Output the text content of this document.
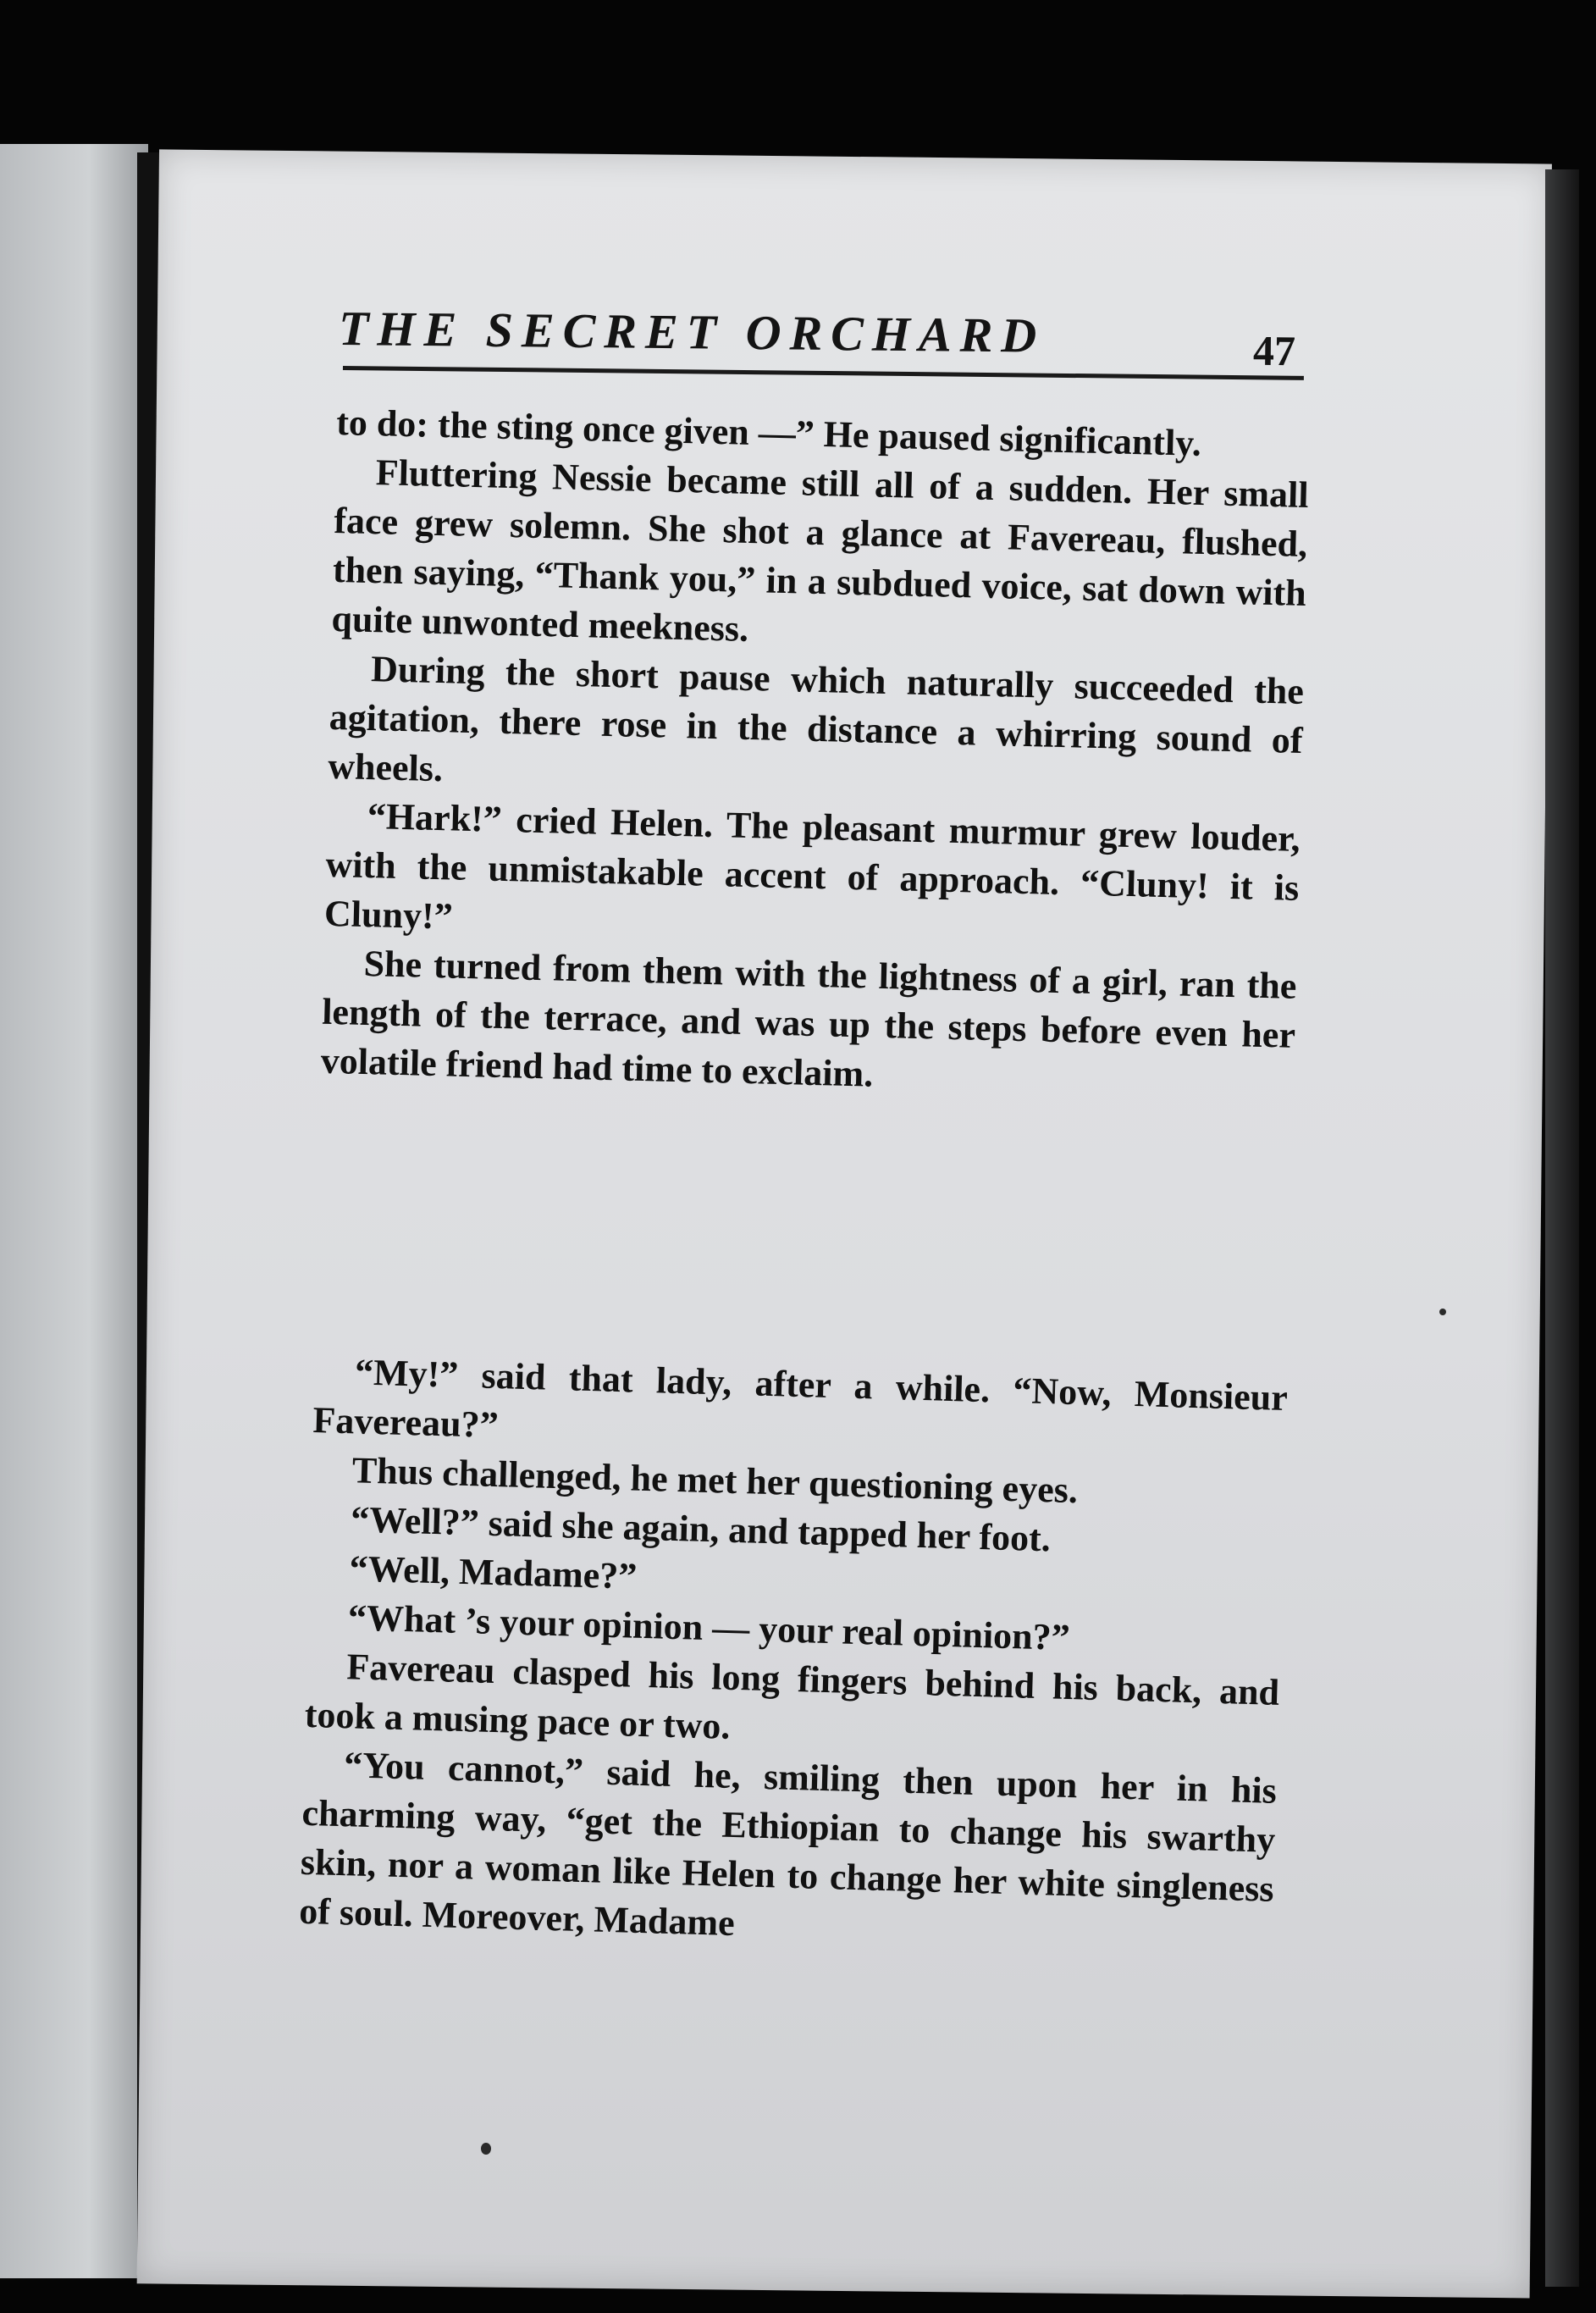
THE SECRET ORCHARD	47

to do: the sting once given —” He paused significantly.

Fluttering Nessie became still all of a sudden. Her small face grew solemn. She shot a glance at Favereau, flushed, then saying, “Thank you,” in a subdued voice, sat down with quite unwonted meekness.

During the short pause which naturally succeeded the agitation, there rose in the distance a whirring sound of wheels.

“Hark!” cried Helen. The pleasant murmur grew louder, with the unmistakable accent of approach. “Cluny! it is Cluny!”

She turned from them with the lightness of a girl, ran the length of the terrace, and was up the steps before even her volatile friend had time to exclaim.

“My!” said that lady, after a while. “Now, Monsieur Favereau?”

Thus challenged, he met her questioning eyes.

“Well?” said she again, and tapped her foot.

“Well, Madame?”

“What ’s your opinion — your real opinion?”

Favereau clasped his long fingers behind his back, and took a musing pace or two.

“You cannot,” said he, smiling then upon her in his charming way, “get the Ethiopian to change his swarthy skin, nor a woman like Helen to change her white singleness of soul. Moreover, Madame
